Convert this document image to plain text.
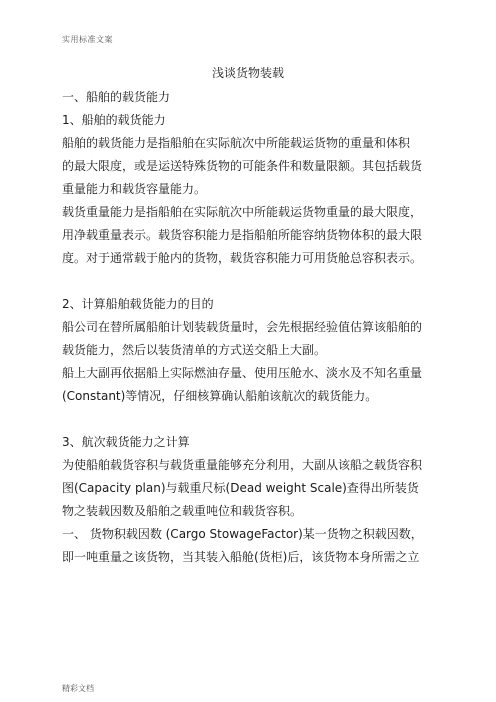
实用标准文案
浅谈货物装载

一、船舶的载货能力

1、船舶的载货能力

船舶的载货能力是指船舶在实际航次中所能载运货物的重量和体积

的最大限度，或是运送特殊货物的可能条件和数量限额。其包括载货

重量能力和载货容量能力。

载货重量能力是指船舶在实际航次中所能载运货物重量的最大限度，

用净载重量表示。载货容积能力是指船舶所能容纳货物体积的最大限

度。对于通常载于舱内的货物，载货容积能力可用货舱总容积表示。

2、计算船舶载货能力的目的

船公司在替所属船舶计划装载货量时，会先根据经验值估算该船舶的

载货能力，然后以装货清单的方式送交船上大副。

船上大副再依据船上实际燃油存量、使用压舱水、淡水及不知名重量

(Constant)等情况，仔细核算确认船舶该航次的载货能力。

3、航次载货能力之计算

为使船舶载货容积与载货重量能够充分利用，大副从该船之载货容积

图(Capacity plan)与载重尺标(Dead weight Scale)查得出所装货

物之装载因数及船舶之载重吨位和载货容积。

一、 货物积载因数 (Cargo StowageFactor)某一货物之积载因数，

即一吨重量之该货物，当其装入船舱(货柜)后，该货物本身所需之立

精彩文档
